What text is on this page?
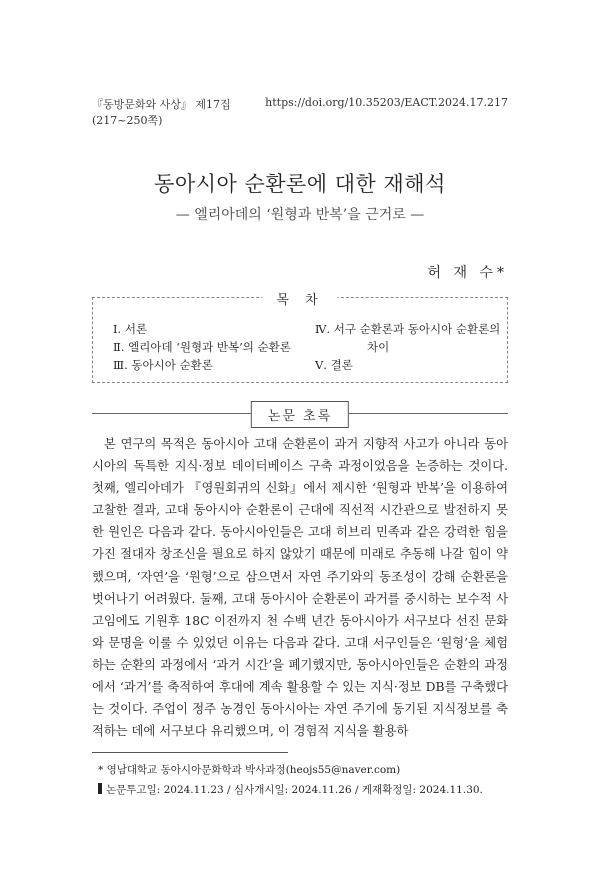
『동방문화와 사상』 제17집(217~250쪽)
https://doi.org/10.35203/EACT.2024.17.217
동아시아 순환론에 대한 재해석
— 엘리아데의 ‘원형과 반복’을 근거로 —
허 재 수*
목 차
Ⅰ. 서론
Ⅱ. 엘리아데 ‘원형과 반복’의 순환론
Ⅲ. 동아시아 순환론
Ⅳ. 서구 순환론과 동아시아 순환론의
차이
Ⅴ. 결론
논문 초록
본 연구의 목적은 동아시아 고대 순환론이 과거 지향적 사고가 아니라 동아시아의 독특한 지식·정보 데이터베이스 구축 과정이었음을 논증하는 것이다. 첫째, 엘리아데가 『영원회귀의 신화』에서 제시한 ‘원형과 반복’을 이용하여 고찰한 결과, 고대 동아시아 순환론이 근대에 직선적 시간관으로 발전하지 못한 원인은 다음과 같다. 동아시아인들은 고대 히브리 민족과 같은 강력한 힘을 가진 절대자 창조신을 필요로 하지 않았기 때문에 미래로 추동해 나갈 힘이 약했으며, ‘자연’을 ‘원형’으로 삼으면서 자연 주기와의 동조성이 강해 순환론을 벗어나기 어려웠다. 둘째, 고대 동아시아 순환론이 과거를 중시하는 보수적 사고임에도 기원후 18C 이전까지 천 수백 년간 동아시아가 서구보다 선진 문화와 문명을 이룰 수 있었던 이유는 다음과 같다. 고대 서구인들은 ‘원형’을 체험하는 순환의 과정에서 ‘과거 시간’을 폐기했지만, 동아시아인들은 순환의 과정에서 ‘과거’를 축적하여 후대에 계속 활용할 수 있는 지식·정보 DB를 구축했다는 것이다. 주업이 정주 농경인 동아시아는 자연 주기에 동기된 지식정보를 축적하는 데에 서구보다 유리했으며, 이 경험적 지식을 활용하
* 영남대학교 동아시아문화학과 박사과정(heojs55@naver.com)
논문투고일: 2024.11.23 / 심사개시일: 2024.11.26 / 게재확정일: 2024.11.30.
